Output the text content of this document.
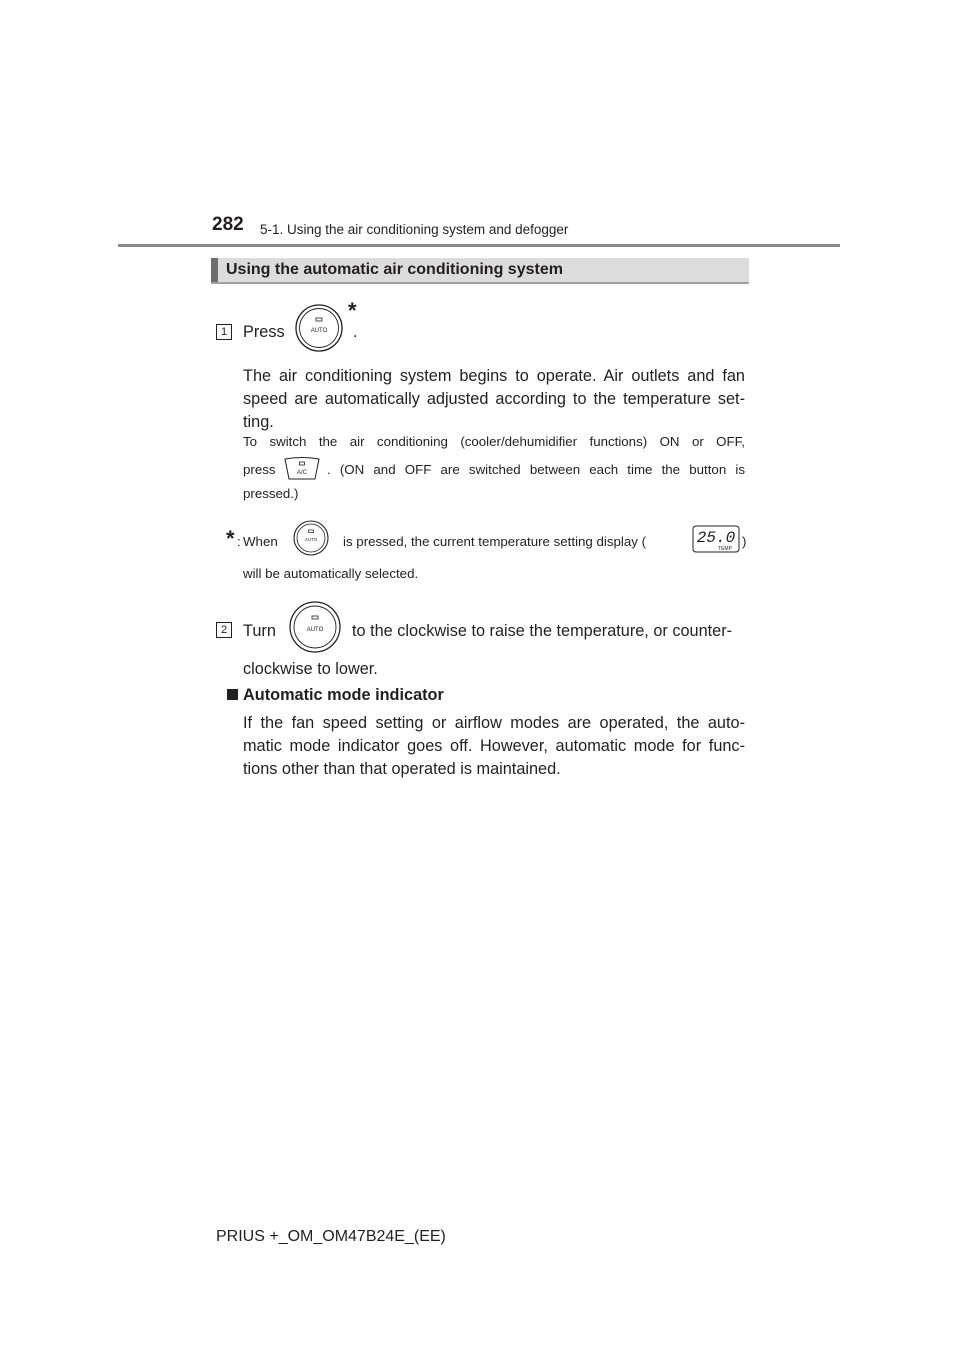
282 5-1. Using the air conditioning system and defogger
Using the automatic air conditioning system
1 Press	AUTO
*
.
The air conditioning system begins to operate. Air outlets and fan
speed are automatically adjusted according to the temperature set-
ting.
To switch the air conditioning (cooler/dehumidifier functions) ON or OFF,
press	A/C . (ON and OFF are switched between each time the button is
pressed.)
* : When	AUTO is pressed, the current temperature setting display (	25.0
TEMP )
will be automatically selected.
2 Turn	AUTO to the clockwise to raise the temperature, or counter-
clockwise to lower.
Automatic mode indicator
If the fan speed setting or airflow modes are operated, the auto-
matic mode indicator goes off. However, automatic mode for func-
tions other than that operated is maintained.
PRIUS +_OM_OM47B24E_(EE)
